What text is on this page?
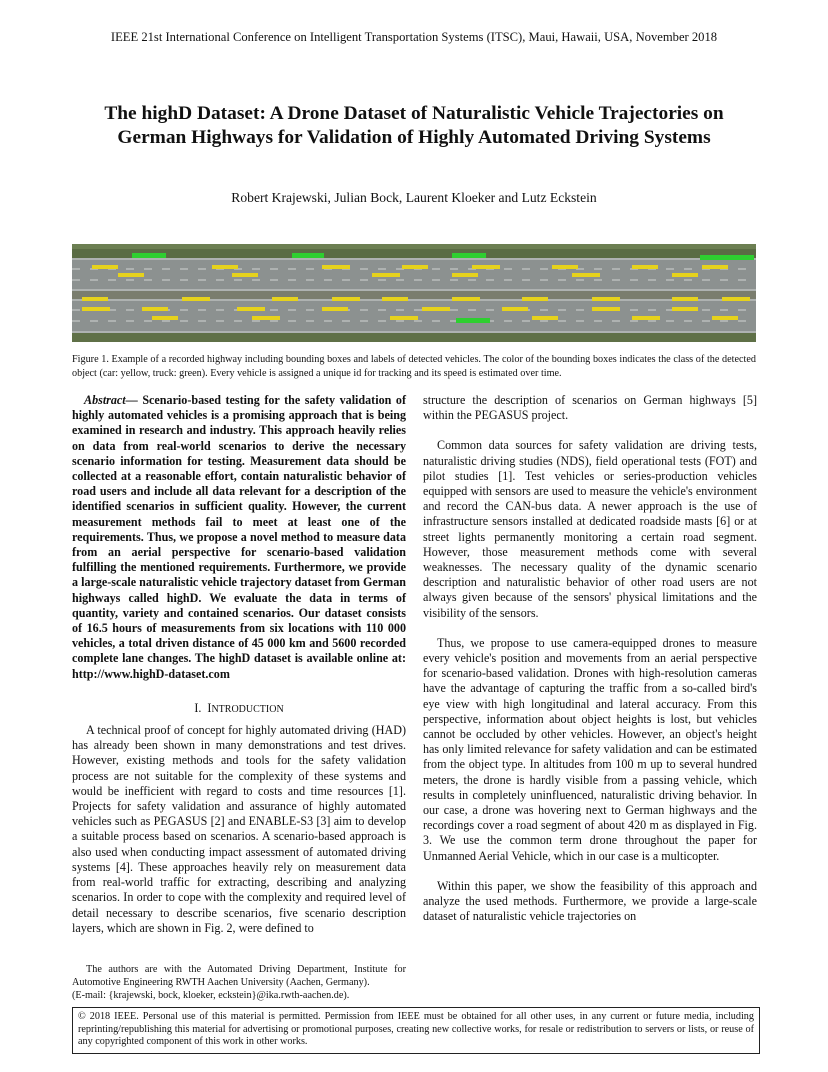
IEEE 21st International Conference on Intelligent Transportation Systems (ITSC), Maui, Hawaii, USA, November 2018
The highD Dataset: A Drone Dataset of Naturalistic Vehicle Trajectories on German Highways for Validation of Highly Automated Driving Systems
Robert Krajewski, Julian Bock, Laurent Kloeker and Lutz Eckstein
Figure 1. Example of a recorded highway including bounding boxes and labels of detected vehicles. The color of the bounding boxes indicates the class of the detected object (car: yellow, truck: green). Every vehicle is assigned a unique id for tracking and its speed is estimated over time.

Abstract— Scenario-based testing for the safety validation of highly automated vehicles is a promising approach that is being examined in research and industry. This approach heavily relies on data from real-world scenarios to derive the necessary scenario information for testing. Measurement data should be collected at a reasonable effort, contain naturalistic behavior of road users and include all data relevant for a description of the identified scenarios in sufficient quality. However, the current measurement methods fail to meet at least one of the requirements. Thus, we propose a novel method to measure data from an aerial perspective for scenario-based validation fulfilling the mentioned requirements. Furthermore, we provide a large-scale naturalistic vehicle trajectory dataset from German highways called highD. We evaluate the data in terms of quantity, variety and contained scenarios. Our dataset consists of 16.5 hours of measurements from six locations with 110 000 vehicles, a total driven distance of 45 000 km and 5600 recorded complete lane changes. The highD dataset is available online at: http://www.highD-dataset.com

I. INTRODUCTION

A technical proof of concept for highly automated driving (HAD) has already been shown in many demonstrations and test drives. However, existing methods and tools for the safety validation process are not suitable for the complexity of these systems and would be inefficient with regard to costs and time resources [1]. Projects for safety validation and assurance of highly automated vehicles such as PEGASUS [2] and ENABLE-S3 [3] aim to develop a suitable process based on scenarios. A scenario-based approach is also used when conducting impact assessment of automated driving systems [4]. These approaches heavily rely on measurement data from real-world traffic for extracting, describing and analyzing scenarios. In order to cope with the complexity and required level of detail necessary to describe scenarios, five scenario description layers, which are shown in Fig. 2, were defined to

structure the description of scenarios on German highways [5] within the PEGASUS project.

Common data sources for safety validation are driving tests, naturalistic driving studies (NDS), field operational tests (FOT) and pilot studies [1]. Test vehicles or series-production vehicles equipped with sensors are used to measure the vehicle's environment and record the CAN-bus data. A newer approach is the use of infrastructure sensors installed at dedicated roadside masts [6] or at street lights permanently monitoring a certain road segment. However, those measurement methods come with several weaknesses. The necessary quality of the dynamic scenario description and naturalistic behavior of other road users are not always given because of the sensors' physical limitations and the visibility of the sensors.

Thus, we propose to use camera-equipped drones to measure every vehicle's position and movements from an aerial perspective for scenario-based validation. Drones with high-resolution cameras have the advantage of capturing the traffic from a so-called bird's eye view with high longitudinal and lateral accuracy. From this perspective, information about object heights is lost, but vehicles cannot be occluded by other vehicles. However, an object's height has only limited relevance for safety validation and can be estimated from the object type. In altitudes from 100 m up to several hundred meters, the drone is hardly visible from a passing vehicle, which results in completely uninfluenced, naturalistic driving behavior. In our case, a drone was hovering next to German highways and the recordings cover a road segment of about 420 m as displayed in Fig. 3. We use the common term drone throughout the paper for Unmanned Aerial Vehicle, which in our case is a multicopter.

Within this paper, we show the feasibility of this approach and analyze the used methods. Furthermore, we provide a large-scale dataset of naturalistic vehicle trajectories on

The authors are with the Automated Driving Department, Institute for Automotive Engineering RWTH Aachen University (Aachen, Germany).
(E-mail: {krajewski, bock, kloeker, eckstein}@ika.rwth-aachen.de).
© 2018 IEEE. Personal use of this material is permitted. Permission from IEEE must be obtained for all other uses, in any current or future media, including reprinting/republishing this material for advertising or promotional purposes, creating new collective works, for resale or redistribution to servers or lists, or reuse of any copyrighted component of this work in other works.
